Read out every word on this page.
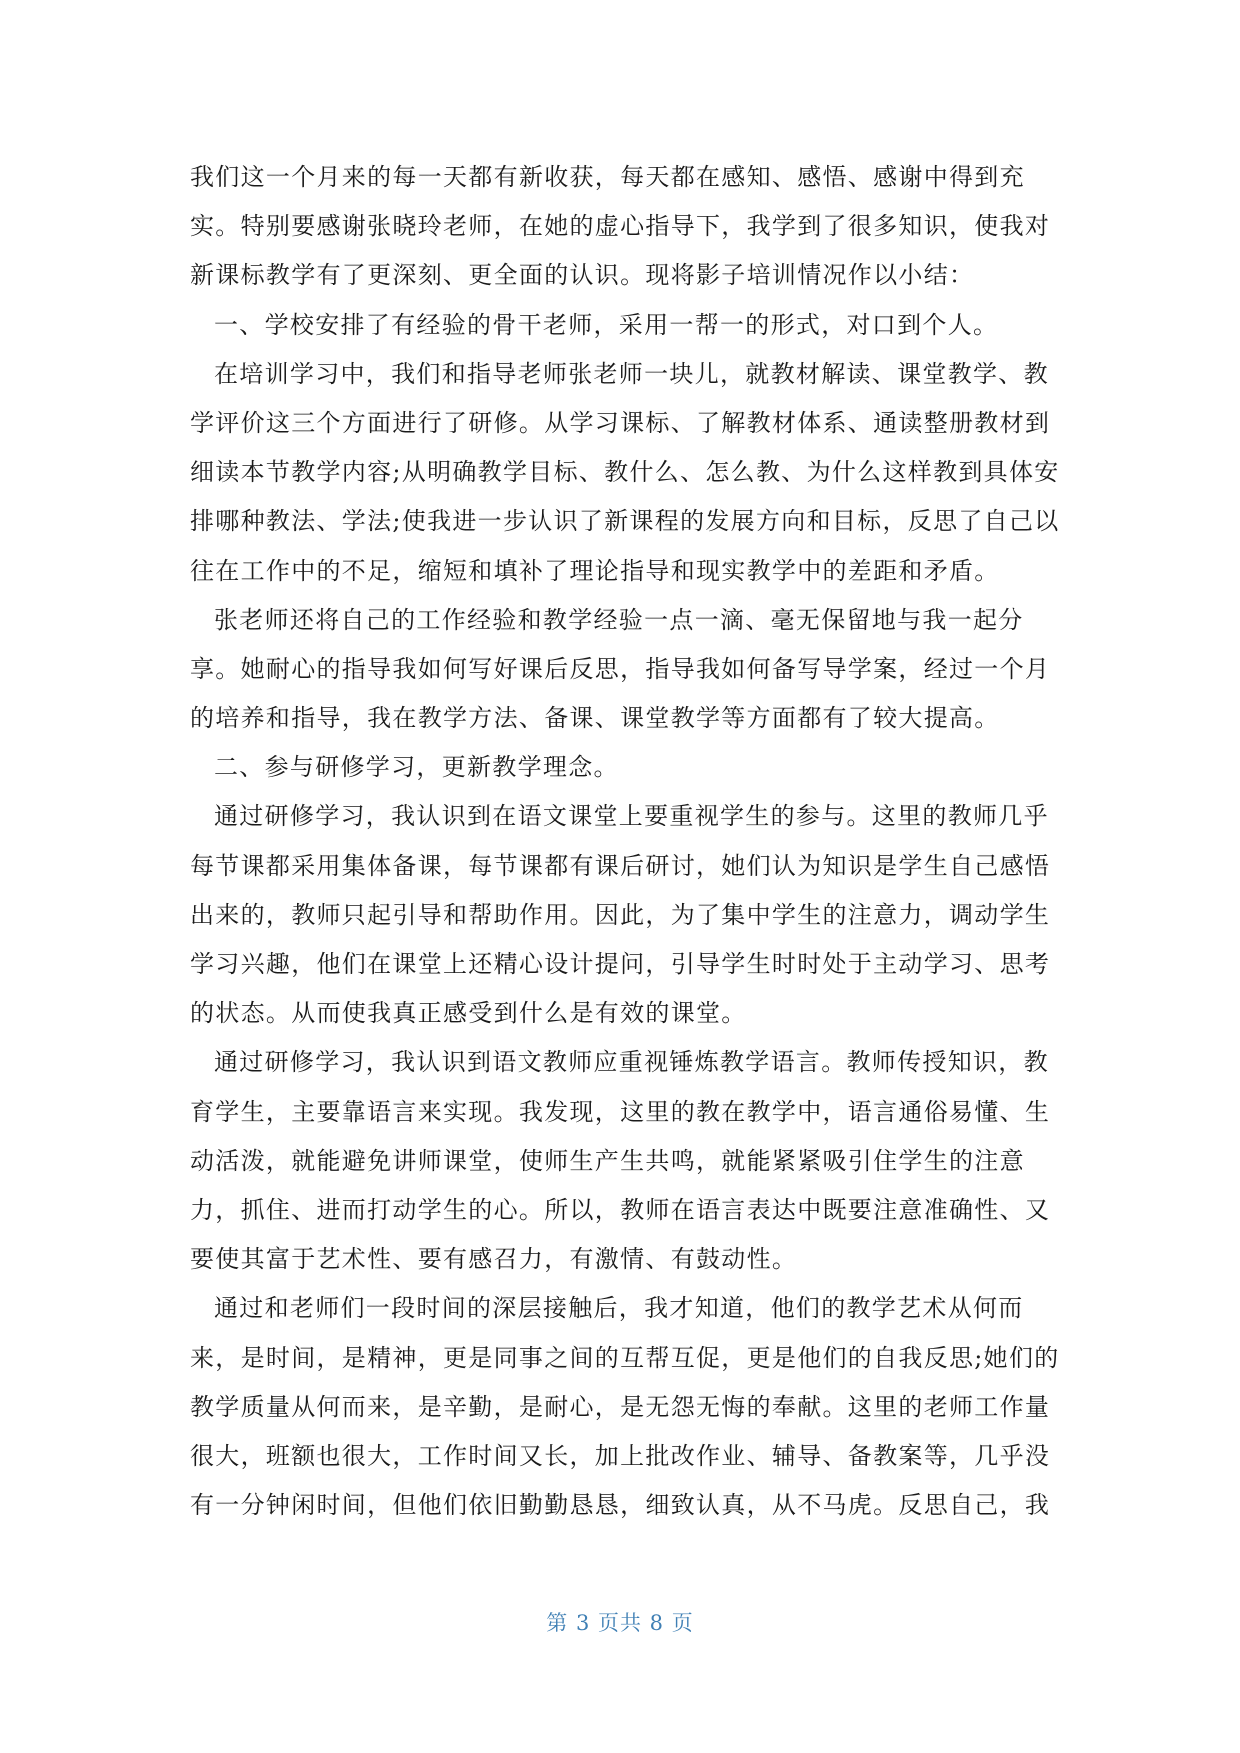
我们这一个月来的每一天都有新收获，每天都在感知、感悟、感谢中得到充
实。特别要感谢张晓玲老师，在她的虚心指导下，我学到了很多知识，使我对
新课标教学有了更深刻、更全面的认识。现将影子培训情况作以小结：
一、学校安排了有经验的骨干老师，采用一帮一的形式，对口到个人。
在培训学习中，我们和指导老师张老师一块儿，就教材解读、课堂教学、教
学评价这三个方面进行了研修。从学习课标、了解教材体系、通读整册教材到
细读本节教学内容;从明确教学目标、教什么、怎么教、为什么这样教到具体安
排哪种教法、学法;使我进一步认识了新课程的发展方向和目标，反思了自己以
往在工作中的不足，缩短和填补了理论指导和现实教学中的差距和矛盾。
张老师还将自己的工作经验和教学经验一点一滴、毫无保留地与我一起分
享。她耐心的指导我如何写好课后反思，指导我如何备写导学案，经过一个月
的培养和指导，我在教学方法、备课、课堂教学等方面都有了较大提高。
二、参与研修学习，更新教学理念。
通过研修学习，我认识到在语文课堂上要重视学生的参与。这里的教师几乎
每节课都采用集体备课，每节课都有课后研讨，她们认为知识是学生自己感悟
出来的，教师只起引导和帮助作用。因此，为了集中学生的注意力，调动学生
学习兴趣，他们在课堂上还精心设计提问，引导学生时时处于主动学习、思考
的状态。从而使我真正感受到什么是有效的课堂。
通过研修学习，我认识到语文教师应重视锤炼教学语言。教师传授知识，教
育学生，主要靠语言来实现。我发现，这里的教在教学中，语言通俗易懂、生
动活泼，就能避免讲师课堂，使师生产生共鸣，就能紧紧吸引住学生的注意
力，抓住、进而打动学生的心。所以，教师在语言表达中既要注意准确性、又
要使其富于艺术性、要有感召力，有激情、有鼓动性。
通过和老师们一段时间的深层接触后，我才知道，他们的教学艺术从何而
来，是时间，是精神，更是同事之间的互帮互促，更是他们的自我反思;她们的
教学质量从何而来，是辛勤，是耐心，是无怨无悔的奉献。这里的老师工作量
很大，班额也很大，工作时间又长，加上批改作业、辅导、备教案等，几乎没
有一分钟闲时间，但他们依旧勤勤恳恳，细致认真，从不马虎。反思自己，我
第 3 页共 8 页
